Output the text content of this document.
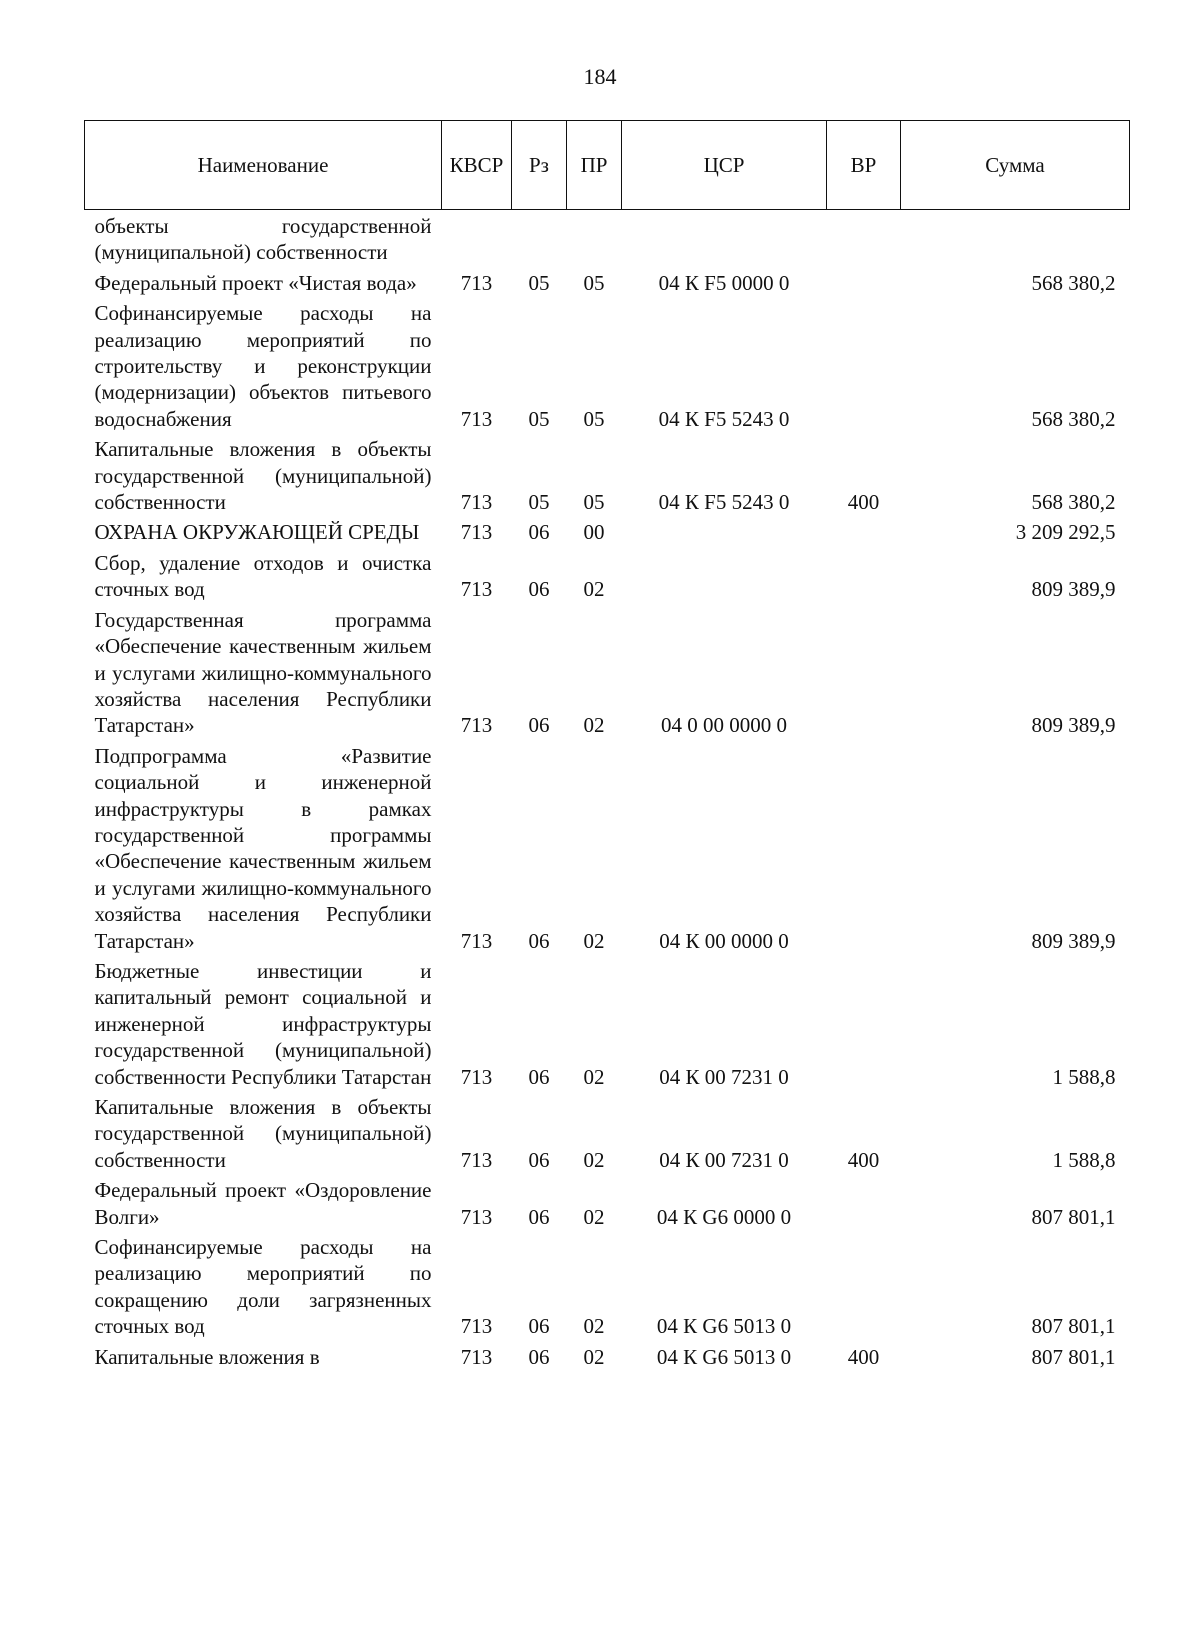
184
Наименование	КВСР	Рз	ПР	ЦСР	ВР	Сумма
объекты государственной (муниципальной) собственности						
Федеральный проект «Чистая вода»	713	05	05	04 К F5 0000 0		568 380,2
Софинансируемые расходы на реализацию мероприятий по строительству и реконструкции (модернизации) объектов питьевого водоснабжения	713	05	05	04 К F5 5243 0		568 380,2
Капитальные вложения в объекты государственной (муниципальной) собственности	713	05	05	04 К F5 5243 0	400	568 380,2
ОХРАНА ОКРУЖАЮЩЕЙ СРЕДЫ	713	06	00			3 209 292,5
Сбор, удаление отходов и очистка сточных вод	713	06	02			809 389,9
Государственная программа «Обеспечение качественным жильем и услугами жилищно-коммунального хозяйства населения Республики Татарстан»	713	06	02	04 0 00 0000 0		809 389,9
Подпрограмма «Развитие социальной и инженерной инфраструктуры в рамках государственной программы «Обеспечение качественным жильем и услугами жилищно-коммунального хозяйства населения Республики Татарстан»	713	06	02	04 К 00 0000 0		809 389,9
Бюджетные инвестиции и капитальный ремонт социальной и инженерной инфраструктуры государственной (муниципальной) собственности Республики Татарстан	713	06	02	04 К 00 7231 0		1 588,8
Капитальные вложения в объекты государственной (муниципальной) собственности	713	06	02	04 К 00 7231 0	400	1 588,8
Федеральный проект «Оздоровление Волги»	713	06	02	04 К G6 0000 0		807 801,1
Софинансируемые расходы на реализацию мероприятий по сокращению доли загрязненных сточных вод	713	06	02	04 К G6 5013 0		807 801,1
Капитальные вложения в	713	06	02	04 К G6 5013 0	400	807 801,1
